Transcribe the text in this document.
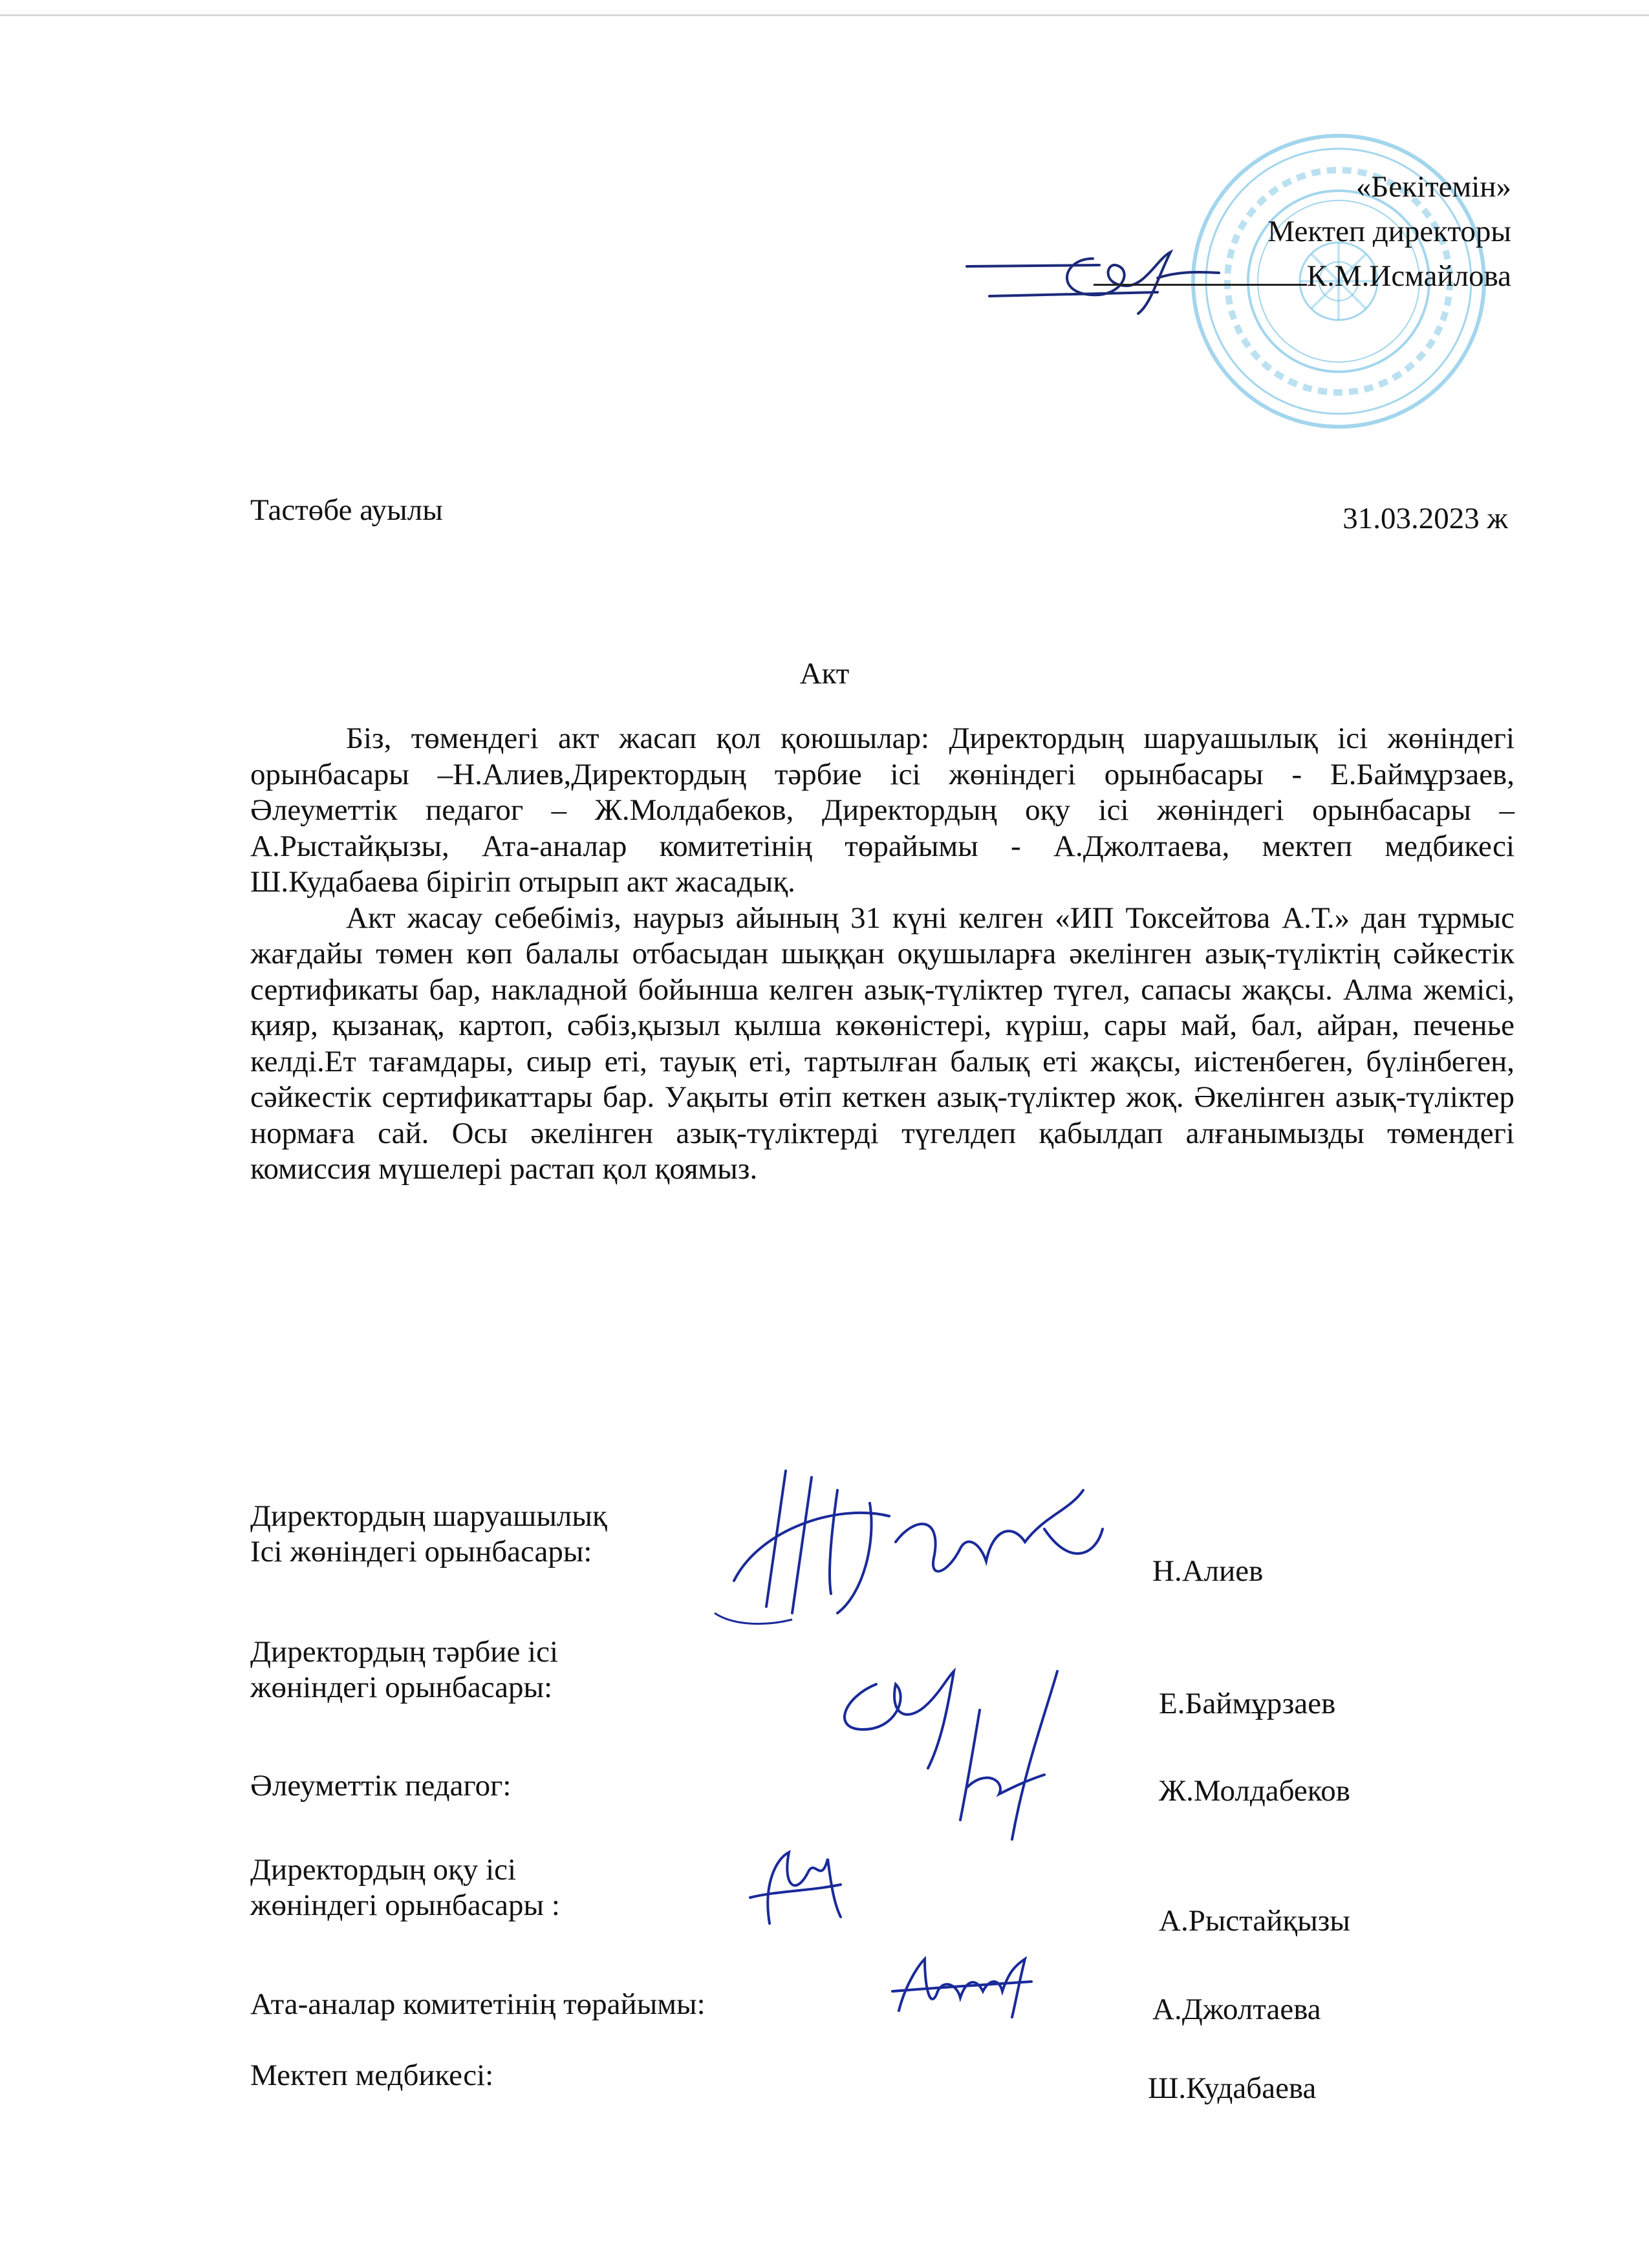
«Бекітемін»
Мектеп директоры
К.М.Исмайлова
Тастөбе ауылы	31.03.2023 ж
Акт

Біз, төмендегі акт жасап қол қоюшылар: Директордың шаруашылық ісі жөніндегі орынбасары –Н.Алиев,Директордың тәрбие ісі жөніндегі орынбасары - Е.Баймұрзаев, Әлеуметтік педагог – Ж.Молдабеков, Директордың оқу ісі жөніндегі орынбасары – А.Рыстайқызы, Ата-аналар комитетінің төрайымы - А.Джолтаева, мектеп медбикесі Ш.Кудабаева бірігіп отырып акт жасадық.

Акт жасау себебіміз, наурыз айының 31 күні келген «ИП Токсейтова А.Т.» дан тұрмыс жағдайы төмен көп балалы отбасыдан шыққан оқушыларға әкелінген азық-түліктің сәйкестік сертификаты бар, накладной бойынша келген азық-түліктер түгел, сапасы жақсы. Алма жемісі, қияр, қызанақ, картоп, сәбіз,қызыл қылша көкөністері, күріш, сары май, бал, айран, печенье келді.Ет тағамдары, сиыр еті, тауық еті, тартылған балық еті жақсы, иістенбеген, бүлінбеген, сәйкестік сертификаттары бар. Уақыты өтіп кеткен азық-түліктер жоқ. Әкелінген азық-түліктер нормаға сай. Осы әкелінген азық-түліктерді түгелдеп қабылдап алғанымызды төмендегі комиссия мүшелері растап қол қоямыз.

Директордың шаруашылық
Ісі жөніндегі орынбасары:
Н.Алиев
Директордың тәрбие ісі
жөніндегі орынбасары:	Е.Баймұрзаев
Әлеуметтік педагог:	Ж.Молдабеков
Директордың оқу ісі
жөніндегі орынбасары :	А.Рыстайқызы
Ата-аналар комитетінің төрайымы:	А.Джолтаева
Мектеп медбикесі:	Ш.Кудабаева
